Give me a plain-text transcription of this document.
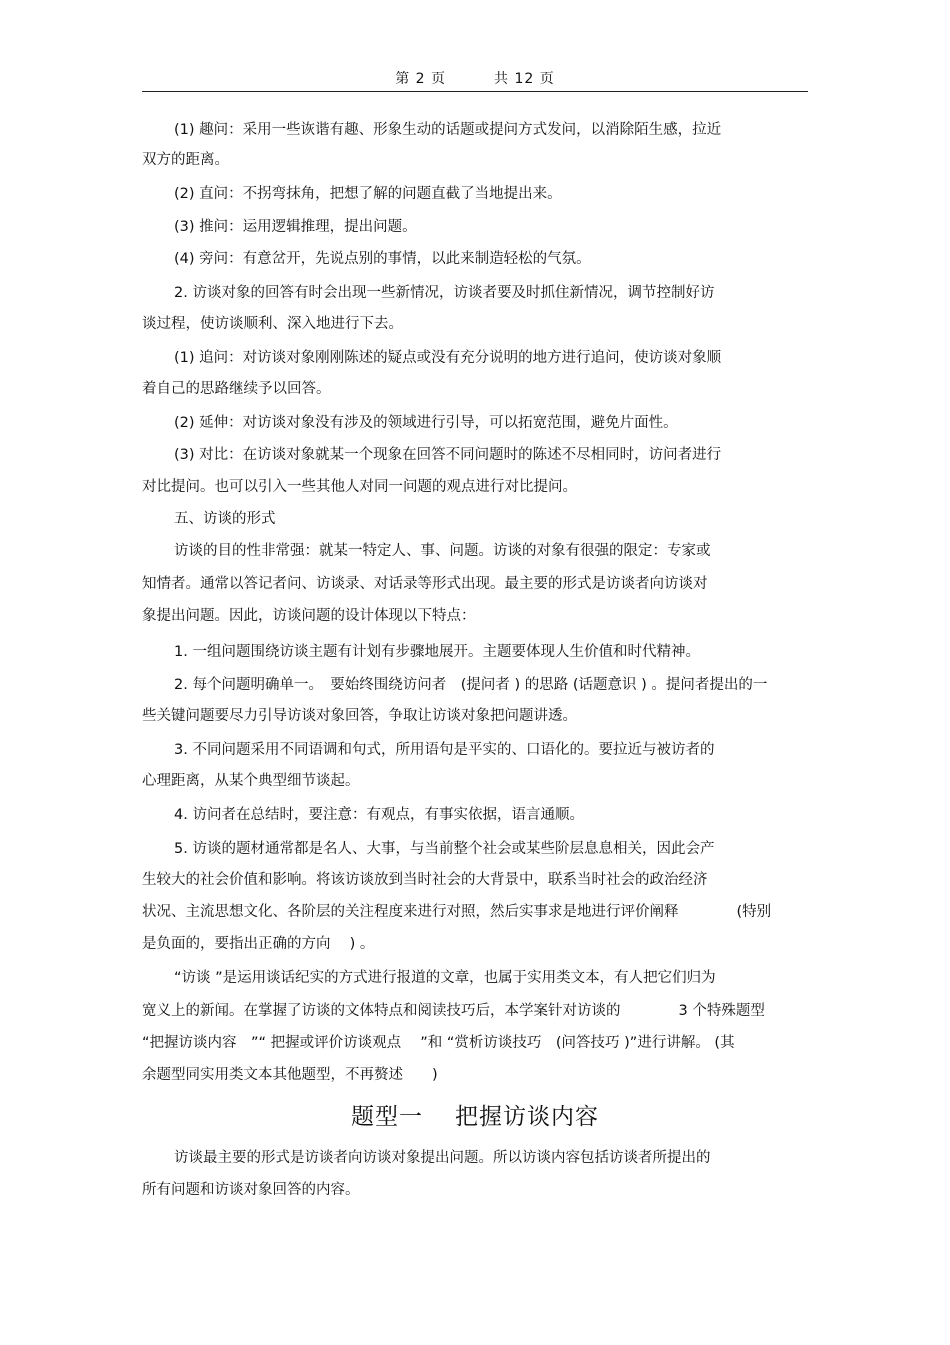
第 2 页	共 12 页
(1) 趣问：采用一些诙谐有趣、形象生动的话题或提问方式发问，以消除陌生感，拉近
双方的距离。
(2) 直问：不拐弯抹角，把想了解的问题直截了当地提出来。
(3) 推问：运用逻辑推理，提出问题。
(4) 旁问：有意岔开，先说点别的事情，以此来制造轻松的气氛。
2. 访谈对象的回答有时会出现一些新情况，访谈者要及时抓住新情况，调节控制好访
谈过程，使访谈顺利、深入地进行下去。
(1) 追问：对访谈对象刚刚陈述的疑点或没有充分说明的地方进行追问，使访谈对象顺
着自己的思路继续予以回答。
(2) 延伸：对访谈对象没有涉及的领域进行引导，可以拓宽范围，避免片面性。
(3) 对比：在访谈对象就某一个现象在回答不同问题时的陈述不尽相同时，访问者进行
对比提问。也可以引入一些其他人对同一问题的观点进行对比提问。
五、访谈的形式
访谈的目的性非常强：就某一特定人、事、问题。访谈的对象有很强的限定：专家或
知情者。通常以答记者问、访谈录、对话录等形式出现。最主要的形式是访谈者向访谈对
象提出问题。因此，访谈问题的设计体现以下特点：
1. 一组问题围绕访谈主题有计划有步骤地展开。主题要体现人生价值和时代精神。
2. 每个问题明确单一。　要始终围绕访问者　(提问者 ) 的思路 (话题意识 ) 。提问者提出的一
些关键问题要尽力引导访谈对象回答，争取让访谈对象把问题讲透。
3. 不同问题采用不同语调和句式，所用语句是平实的、口语化的。要拉近与被访者的
心理距离，从某个典型细节谈起。
4. 访问者在总结时，要注意：有观点，有事实依据，语言通顺。
5. 访谈的题材通常都是名人、大事，与当前整个社会或某些阶层息息相关，因此会产
生较大的社会价值和影响。将该访谈放到当时社会的大背景中，联系当时社会的政治经济
状况、主流思想文化、各阶层的关注程度来进行对照，然后实事求是地进行评价阐释　　　　(特别
是负面的，要指出正确的方向　 ) 。
“访谈 ”是运用谈话纪实的方式进行报道的文章，也属于实用类文本，有人把它们归为
宽义上的新闻。在掌握了访谈的文体特点和阅读技巧后，本学案针对访谈的　　　　3 个特殊题型
“把握访谈内容　”“ 把握或评价访谈观点　 ”和 “赏析访谈技巧　(问答技巧 )”进行讲解。 (其
余题型同实用类文本其他题型，不再赘述　　)
题型一 把握访谈内容
访谈最主要的形式是访谈者向访谈对象提出问题。所以访谈内容包括访谈者所提出的
所有问题和访谈对象回答的内容。
